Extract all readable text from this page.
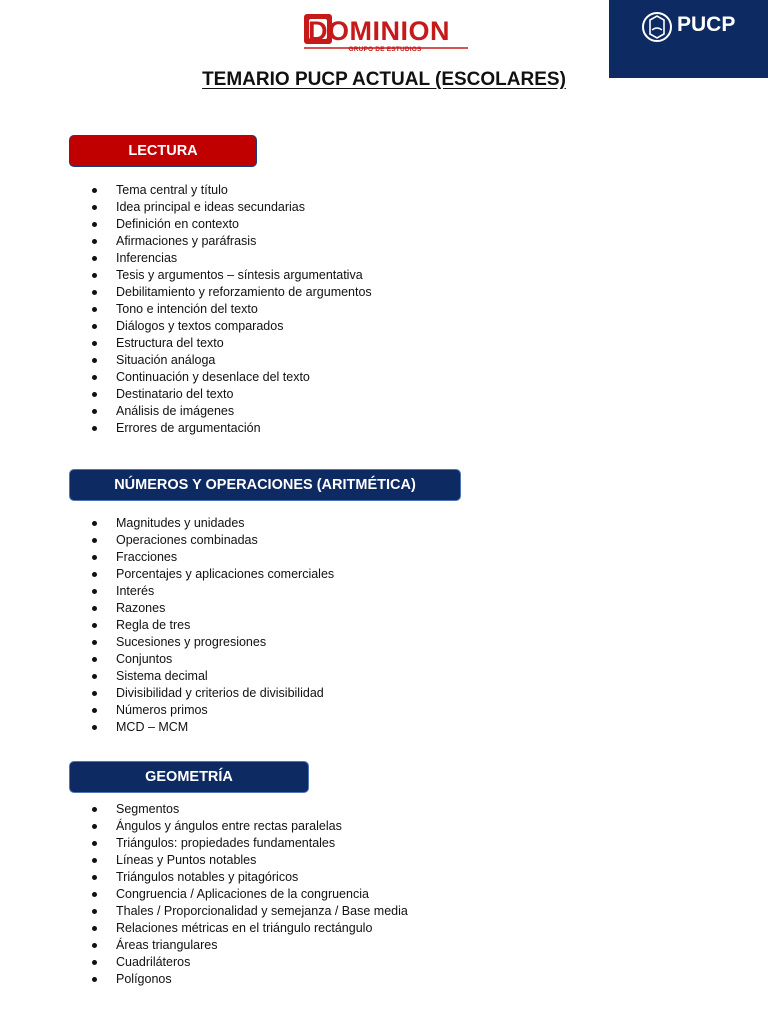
DOMINION
GRUPO DE ESTUDIOS
PUCP
TEMARIO PUCP ACTUAL (ESCOLARES)
LECTURA
Tema central y título
Idea principal e ideas secundarias
Definición en contexto
Afirmaciones y paráfrasis
Inferencias
Tesis y argumentos – síntesis argumentativa
Debilitamiento y reforzamiento de argumentos
Tono e intención del texto
Diálogos y textos comparados
Estructura del texto
Situación análoga
Continuación y desenlace del texto
Destinatario del texto
Análisis de imágenes
Errores de argumentación
NÚMEROS Y OPERACIONES (ARITMÉTICA)
Magnitudes y unidades
Operaciones combinadas
Fracciones
Porcentajes y aplicaciones comerciales
Interés
Razones
Regla de tres
Sucesiones y progresiones
Conjuntos
Sistema decimal
Divisibilidad y criterios de divisibilidad
Números primos
MCD – MCM
GEOMETRÍA
Segmentos
Ángulos y ángulos entre rectas paralelas
Triángulos: propiedades fundamentales
Líneas y Puntos notables
Triángulos notables y pitagóricos
Congruencia / Aplicaciones de la congruencia
Thales / Proporcionalidad y semejanza / Base media
Relaciones métricas en el triángulo rectángulo
Áreas triangulares
Cuadriláteros
Polígonos
